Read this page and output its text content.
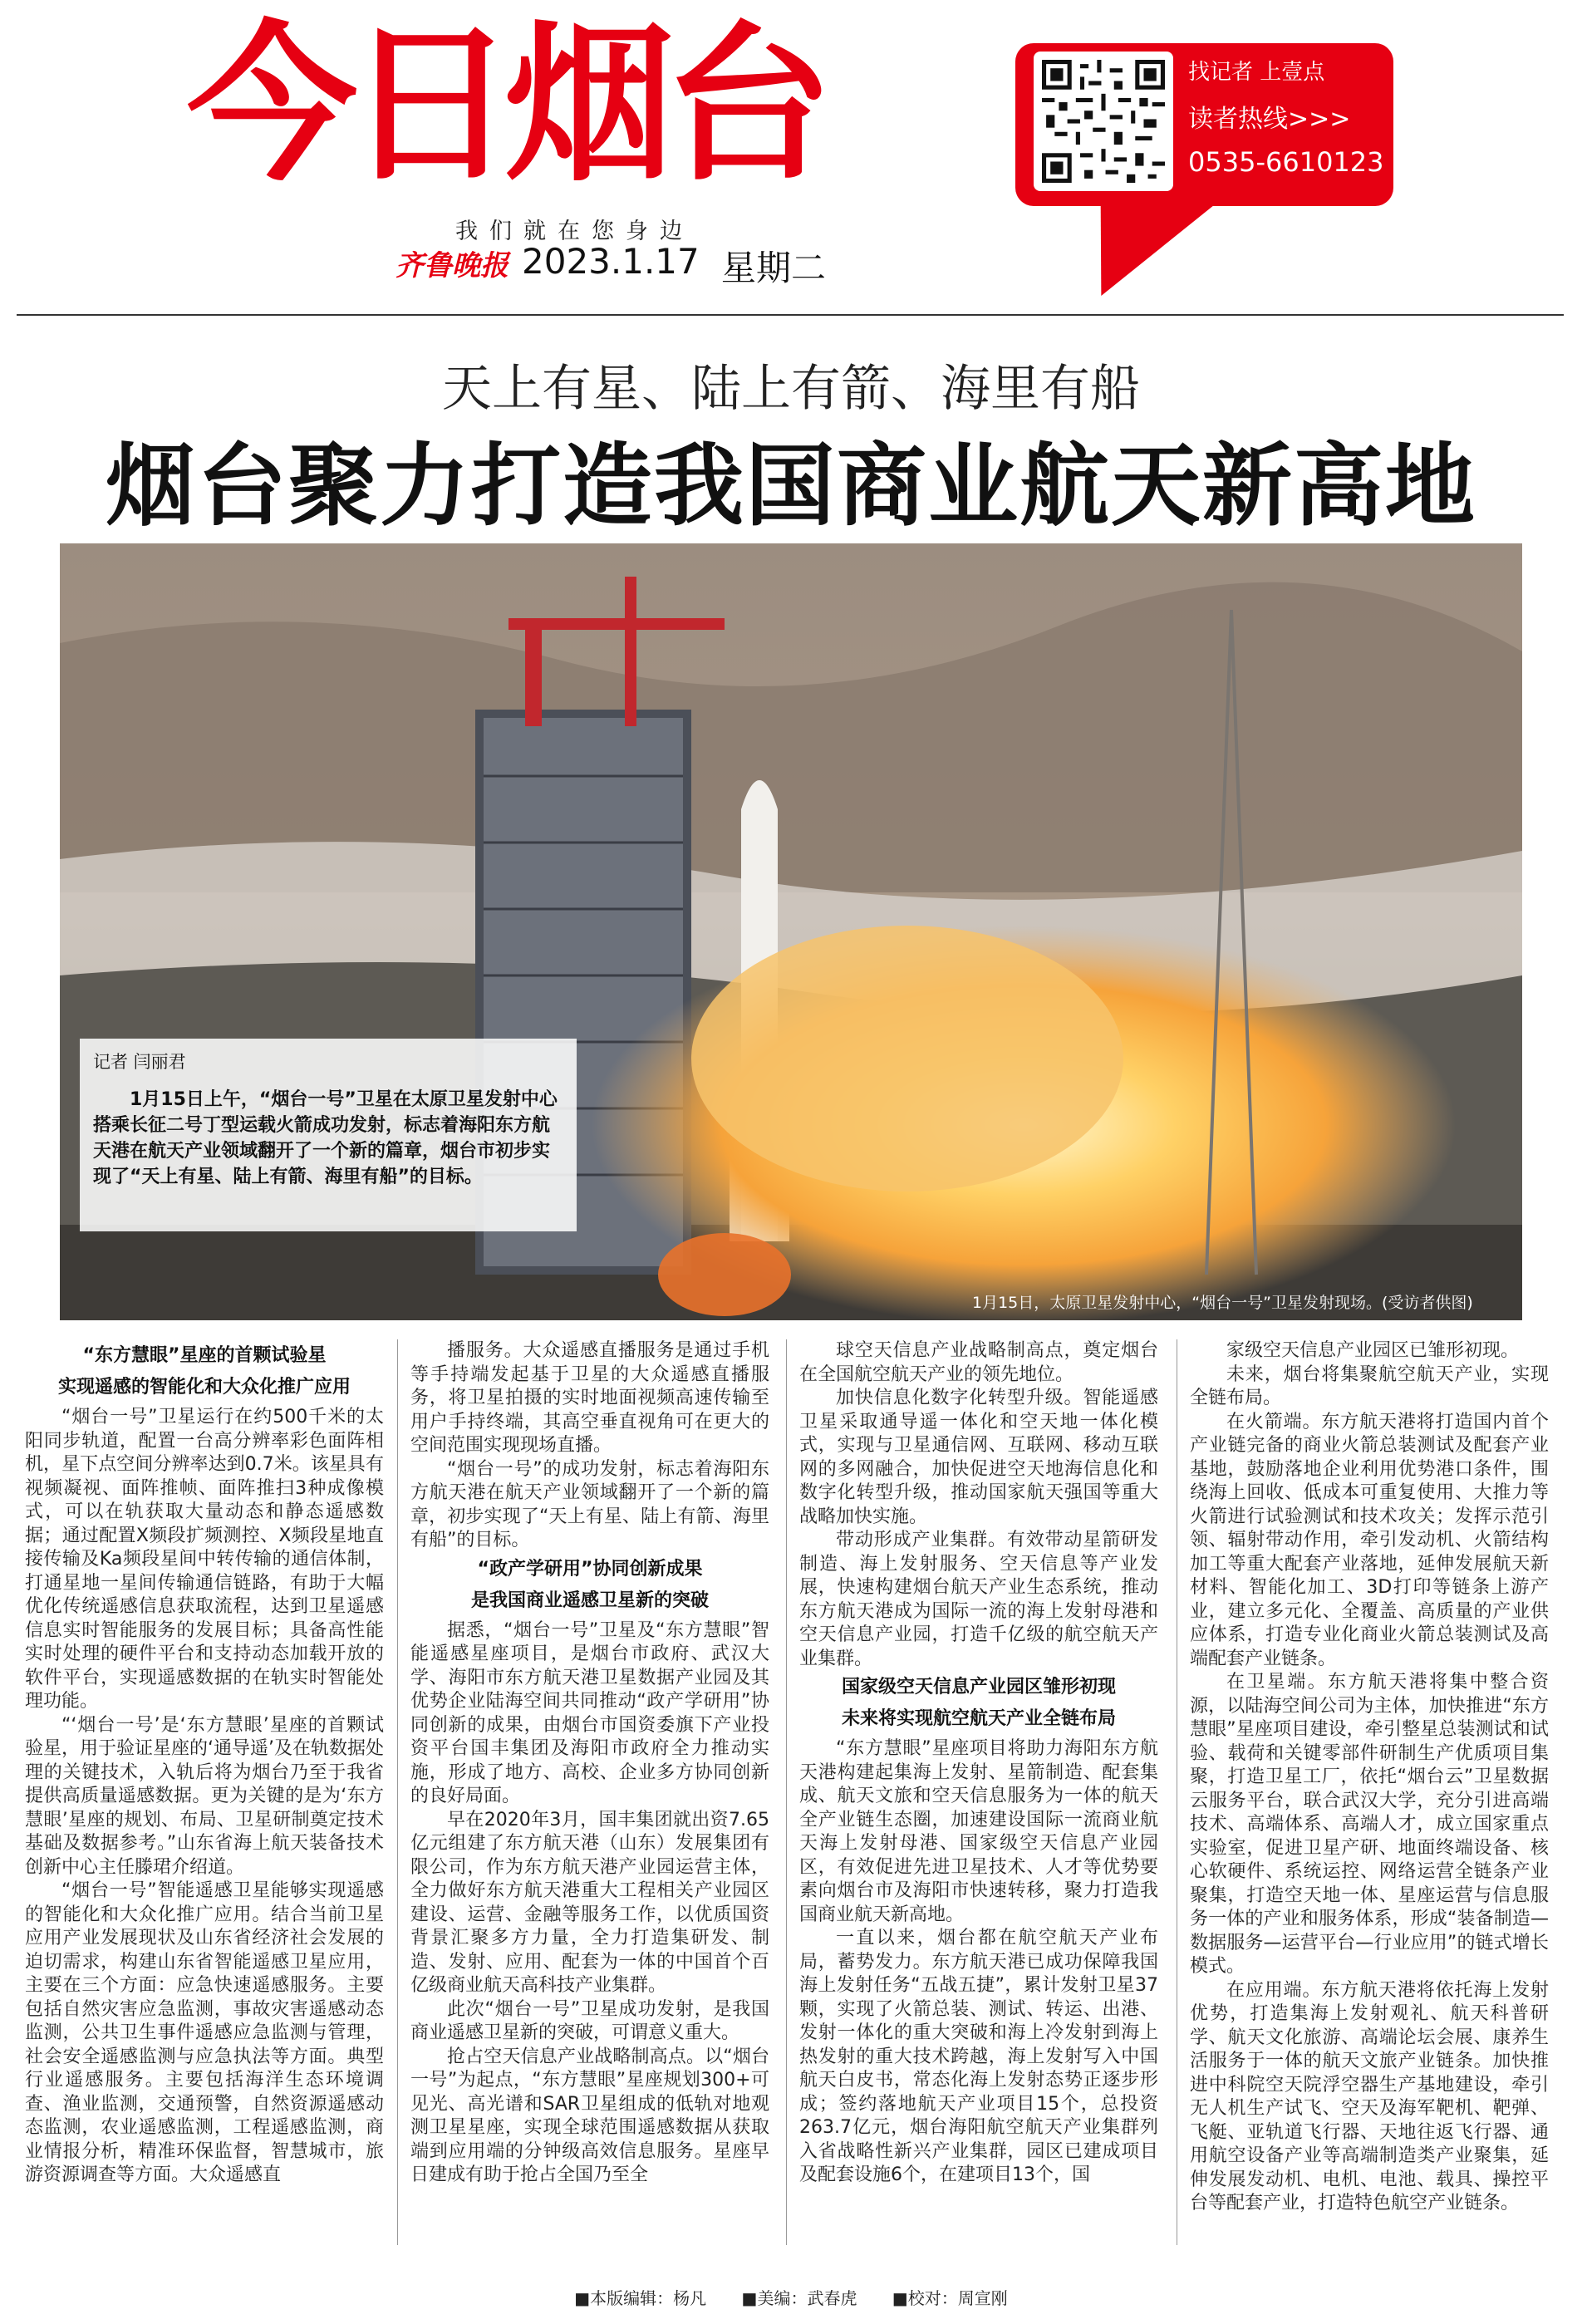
今日烟台
我们就在您身边
齐鲁晚报 2023.1.17 星期二
找记者 上壹点
读者热线>>>
0535-6610123
天上有星、陆上有箭、海里有船
烟台聚力打造我国商业航天新高地
1月15日，太原卫星发射中心，“烟台一号”卫星发射现场。(受访者供图)
记者 闫丽君
1月15日上午，“烟台一号”卫星在太原卫星发射中心搭乘长征二号丁型运载火箭成功发射，标志着海阳东方航天港在航天产业领域翻开了一个新的篇章，烟台市初步实现了“天上有星、陆上有箭、海里有船”的目标。

“东方慧眼”星座的首颗试验星

实现遥感的智能化和大众化推广应用

“烟台一号”卫星运行在约500千米的太阳同步轨道，配置一台高分辨率彩色面阵相机，星下点空间分辨率达到0.7米。该星具有视频凝视、面阵推帧、面阵推扫3种成像模式，可以在轨获取大量动态和静态遥感数据；通过配置X频段扩频测控、X频段星地直接传输及Ka频段星间中转传输的通信体制，打通星地一星间传输通信链路，有助于大幅优化传统遥感信息获取流程，达到卫星遥感信息实时智能服务的发展目标；具备高性能实时处理的硬件平台和支持动态加载开放的软件平台，实现遥感数据的在轨实时智能处理功能。

“‘烟台一号’是‘东方慧眼’星座的首颗试验星，用于验证星座的‘通导遥’及在轨数据处理的关键技术，入轨后将为烟台乃至于我省提供高质量遥感数据。更为关键的是为‘东方慧眼’星座的规划、布局、卫星研制奠定技术基础及数据参考。”山东省海上航天装备技术创新中心主任滕珺介绍道。

“烟台一号”智能遥感卫星能够实现遥感的智能化和大众化推广应用。结合当前卫星应用产业发展现状及山东省经济社会发展的迫切需求，构建山东省智能遥感卫星应用，主要在三个方面：应急快速遥感服务。主要包括自然灾害应急监测，事故灾害遥感动态监测，公共卫生事件遥感应急监测与管理，社会安全遥感监测与应急执法等方面。典型行业遥感服务。主要包括海洋生态环境调查、渔业监测，交通预警，自然资源遥感动态监测，农业遥感监测，工程遥感监测，商业情报分析，精准环保监督，智慧城市，旅游资源调查等方面。大众遥感直

播服务。大众遥感直播服务是通过手机等手持端发起基于卫星的大众遥感直播服务，将卫星拍摄的实时地面视频高速传输至用户手持终端，其高空垂直视角可在更大的空间范围实现现场直播。

“烟台一号”的成功发射，标志着海阳东方航天港在航天产业领域翻开了一个新的篇章，初步实现了“天上有星、陆上有箭、海里有船”的目标。

“政产学研用”协同创新成果

是我国商业遥感卫星新的突破

据悉，“烟台一号”卫星及“东方慧眼”智能遥感星座项目，是烟台市政府、武汉大学、海阳市东方航天港卫星数据产业园及其优势企业陆海空间共同推动“政产学研用”协同创新的成果，由烟台市国资委旗下产业投资平台国丰集团及海阳市政府全力推动实施，形成了地方、高校、企业多方协同创新的良好局面。

早在2020年3月，国丰集团就出资7.65亿元组建了东方航天港（山东）发展集团有限公司，作为东方航天港产业园运营主体，全力做好东方航天港重大工程相关产业园区建设、运营、金融等服务工作，以优质国资背景汇聚多方力量，全力打造集研发、制造、发射、应用、配套为一体的中国首个百亿级商业航天高科技产业集群。

此次“烟台一号”卫星成功发射，是我国商业遥感卫星新的突破，可谓意义重大。

抢占空天信息产业战略制高点。以“烟台一号”为起点，“东方慧眼”星座规划300+可见光、高光谱和SAR卫星组成的低轨对地观测卫星星座，实现全球范围遥感数据从获取端到应用端的分钟级高效信息服务。星座早日建成有助于抢占全国乃至全

球空天信息产业战略制高点，奠定烟台在全国航空航天产业的领先地位。

加快信息化数字化转型升级。智能遥感卫星采取通导遥一体化和空天地一体化模式，实现与卫星通信网、互联网、移动互联网的多网融合，加快促进空天地海信息化和数字化转型升级，推动国家航天强国等重大战略加快实施。

带动形成产业集群。有效带动星箭研发制造、海上发射服务、空天信息等产业发展，快速构建烟台航天产业生态系统，推动东方航天港成为国际一流的海上发射母港和空天信息产业园，打造千亿级的航空航天产业集群。

国家级空天信息产业园区雏形初现

未来将实现航空航天产业全链布局

“东方慧眼”星座项目将助力海阳东方航天港构建起集海上发射、星箭制造、配套集成、航天文旅和空天信息服务为一体的航天全产业链生态圈，加速建设国际一流商业航天海上发射母港、国家级空天信息产业园区，有效促进先进卫星技术、人才等优势要素向烟台市及海阳市快速转移，聚力打造我国商业航天新高地。

一直以来，烟台都在航空航天产业布局，蓄势发力。东方航天港已成功保障我国海上发射任务“五战五捷”，累计发射卫星37颗，实现了火箭总装、测试、转运、出港、发射一体化的重大突破和海上冷发射到海上热发射的重大技术跨越，海上发射写入中国航天白皮书，常态化海上发射态势正逐步形成；签约落地航天产业项目15个，总投资263.7亿元，烟台海阳航空航天产业集群列入省战略性新兴产业集群，园区已建成项目及配套设施6个，在建项目13个，国

家级空天信息产业园区已雏形初现。

未来，烟台将集聚航空航天产业，实现全链布局。

在火箭端。东方航天港将打造国内首个产业链完备的商业火箭总装测试及配套产业基地，鼓励落地企业利用优势港口条件，围绕海上回收、低成本可重复使用、大推力等火箭进行试验测试和技术攻关；发挥示范引领、辐射带动作用，牵引发动机、火箭结构加工等重大配套产业落地，延伸发展航天新材料、智能化加工、3D打印等链条上游产业，建立多元化、全覆盖、高质量的产业供应体系，打造专业化商业火箭总装测试及高端配套产业链条。

在卫星端。东方航天港将集中整合资源，以陆海空间公司为主体，加快推进“东方慧眼”星座项目建设，牵引整星总装测试和试验、载荷和关键零部件研制生产优质项目集聚，打造卫星工厂，依托“烟台云”卫星数据云服务平台，联合武汉大学，充分引进高端技术、高端体系、高端人才，成立国家重点实验室，促进卫星产研、地面终端设备、核心软硬件、系统运控、网络运营全链条产业聚集，打造空天地一体、星座运营与信息服务一体的产业和服务体系，形成“装备制造—数据服务—运营平台—行业应用”的链式增长模式。

在应用端。东方航天港将依托海上发射优势，打造集海上发射观礼、航天科普研学、航天文化旅游、高端论坛会展、康养生活服务于一体的航天文旅产业链条。加快推进中科院空天院浮空器生产基地建设，牵引无人机生产试飞、空天及海军靶机、靶弹、飞艇、亚轨道飞行器、天地往返飞行器、通用航空设备产业等高端制造类产业聚集，延伸发展发动机、电机、电池、载具、操控平台等配套产业，打造特色航空产业链条。

■本版编辑：杨凡 ■美编：武春虎 ■校对：周宣刚
